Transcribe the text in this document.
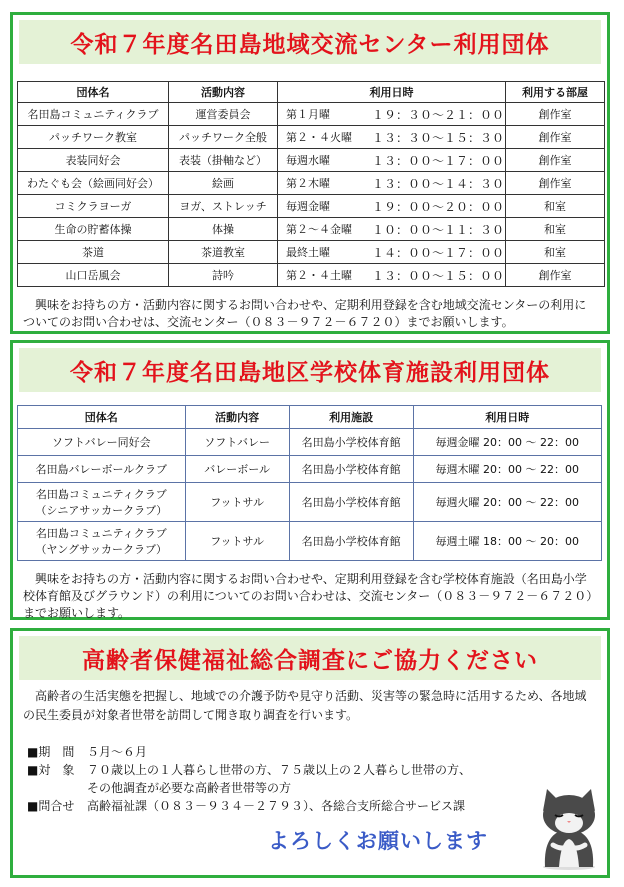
令和７年度名田島地域交流センター利用団体
団体名	活動内容	利用日時		利用する部屋
名田島コミュニティクラブ	運営委員会	第１月曜	１９：３０～２１：００	創作室
パッチワーク教室	パッチワーク全般	第２・４火曜	１３：３０～１５：３０	創作室
表装同好会	表装（掛軸など）	毎週水曜	１３：００～１７：００	創作室
わたぐも会（絵画同好会）	絵画	第２木曜	１３：００～１４：３０	創作室
コミクラヨーガ	ヨガ、ストレッチ	毎週金曜	１９：００～２０：００	和室
生命の貯蓄体操	体操	第２～４金曜	１０：００～１１：３０	和室
茶道	茶道教室	最終土曜	１４：００～１７：００	和室
山口岳風会	詩吟	第２・４土曜	１３：００～１５：００	創作室

興味をお持ちの方・活動内容に関するお問い合わせや、定期利用登録を含む地域交流センターの利用についてのお問い合わせは、交流センター（０８３－９７２－６７２０）までお願いします。

令和７年度名田島地区学校体育施設利用団体
団体名	活動内容	利用施設	利用日時

ソフトバレー同好会	ソフトバレー	名田島小学校体育館	毎週金曜 20：00 ～ 22：00

名田島バレーボールクラブ	バレーボール	名田島小学校体育館	毎週木曜 20：00 ～ 22：00

名田島コミュニティクラブ
（シニアサッカークラブ）	フットサル	名田島小学校体育館	毎週火曜 20：00 ～ 22：00

名田島コミュニティクラブ
（ヤングサッカークラブ）	フットサル	名田島小学校体育館	毎週土曜 18：00 ～ 20：00

興味をお持ちの方・活動内容に関するお問い合わせや、定期利用登録を含む学校体育施設（名田島小学校体育館及びグラウンド）の利用についてのお問い合わせは、交流センター（０８３－９７２－６７２０）までお願いします。

高齢者保健福祉総合調査にご協力ください

高齢者の生活実態を把握し、地域での介護予防や見守り活動、災害等の緊急時に活用するため、各地域の民生委員が対象者世帯を訪問して聞き取り調査を行います。

■期　間	５月～６月
■対　象	７０歳以上の１人暮らし世帯の方、７５歳以上の２人暮らし世帯の方、
その他調査が必要な高齢者世帯等の方
■問合せ	高齢福祉課（０８３－９３４－２７９３）、各総合支所総合サービス課
よろしくお願いします
